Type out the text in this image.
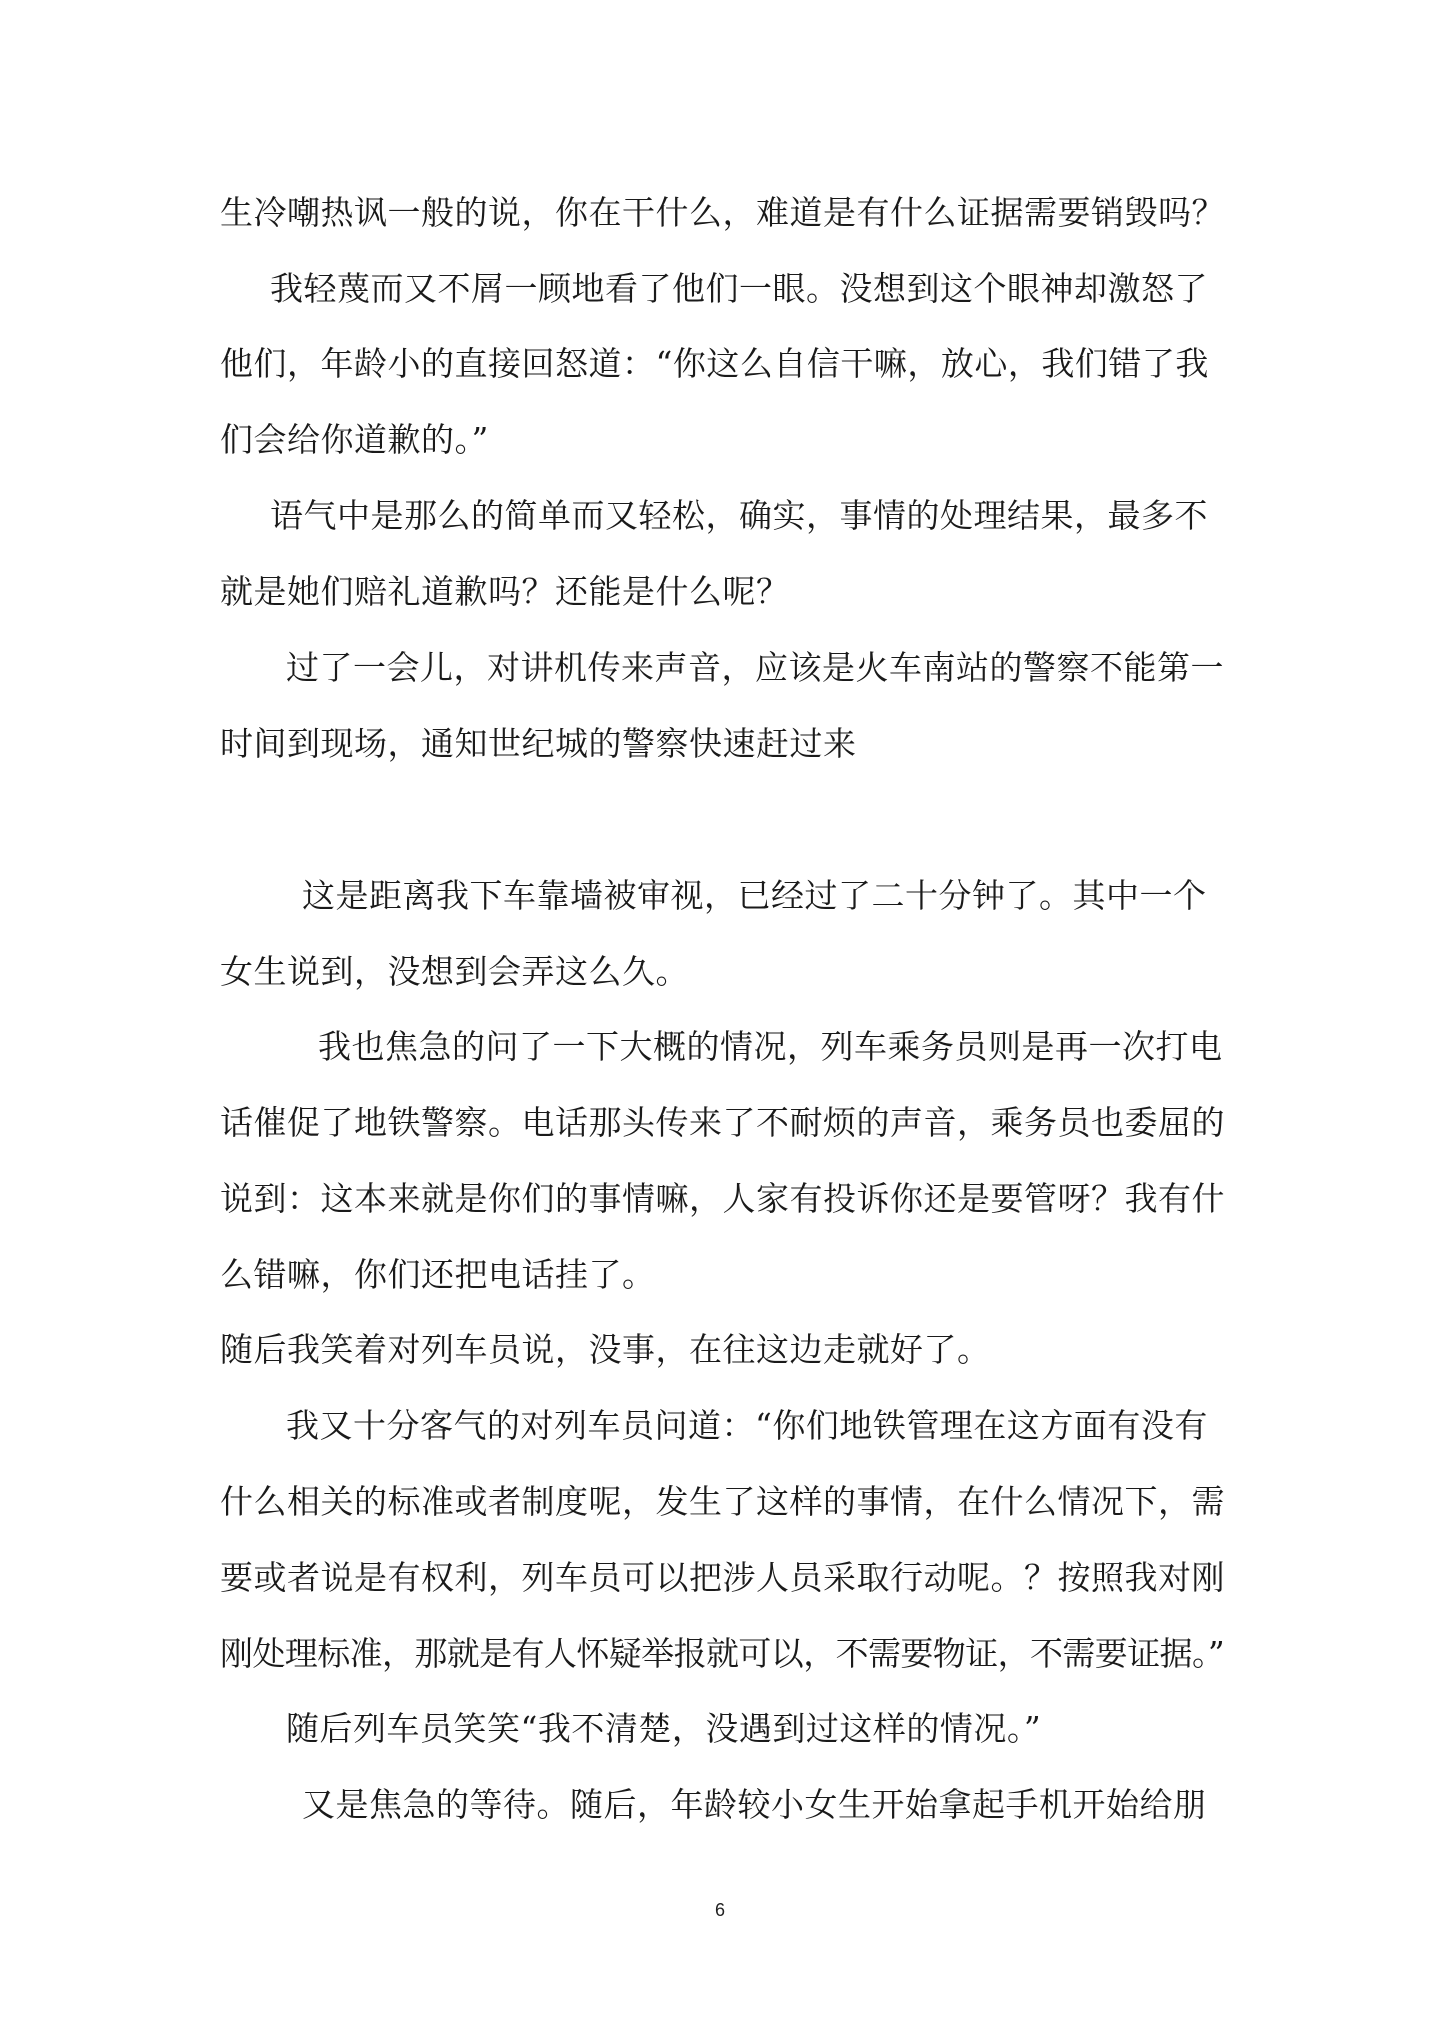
生冷嘲热讽一般的说，你在干什么，难道是有什么证据需要销毁吗？
我轻蔑而又不屑一顾地看了他们一眼。没想到这个眼神却激怒了
他们，年龄小的直接回怒道：“你这么自信干嘛，放心，我们错了我
们会给你道歉的。”
语气中是那么的简单而又轻松，确实，事情的处理结果，最多不
就是她们赔礼道歉吗？还能是什么呢？
过了一会儿，对讲机传来声音，应该是火车南站的警察不能第一
时间到现场，通知世纪城的警察快速赶过来
这是距离我下车靠墙被审视，已经过了二十分钟了。其中一个
女生说到，没想到会弄这么久。
我也焦急的问了一下大概的情况，列车乘务员则是再一次打电
话催促了地铁警察。电话那头传来了不耐烦的声音，乘务员也委屈的
说到：这本来就是你们的事情嘛，人家有投诉你还是要管呀？我有什
么错嘛，你们还把电话挂了。
随后我笑着对列车员说，没事，在往这边走就好了。
我又十分客气的对列车员问道：“你们地铁管理在这方面有没有
什么相关的标准或者制度呢，发生了这样的事情，在什么情况下，需
要或者说是有权利，列车员可以把涉人员采取行动呢。？按照我对刚
刚处理标准，那就是有人怀疑举报就可以，不需要物证，不需要证据。”
随后列车员笑笑“我不清楚，没遇到过这样的情况。”
又是焦急的等待。随后，年龄较小女生开始拿起手机开始给朋
6
